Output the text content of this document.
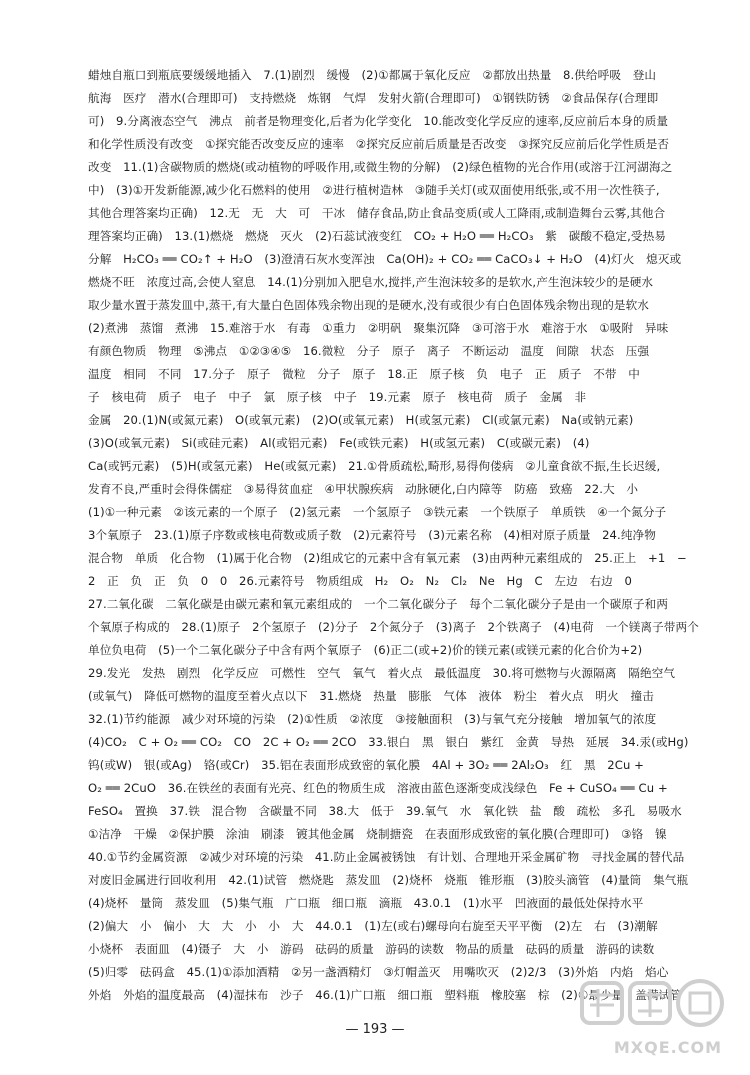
蜡烛自瓶口到瓶底要缓缓地插入　7.(1)剧烈　缓慢　(2)①都属于氧化反应　②都放出热量　8.供给呼吸　登山
航海　医疗　潜水(合理即可)　支持燃烧　炼钢　气焊　发射火箭(合理即可)　①钢铁防锈　②食品保存(合理即
可)　9.分离液态空气　沸点　前者是物理变化,后者为化学变化　10.能改变化学反应的速率,反应前后本身的质量
和化学性质没有改变　①探究能否改变反应的速率　②探究反应前后质量是否改变　③探究反应前后化学性质是否
改变　11.(1)含碳物质的燃烧(或动植物的呼吸作用,或微生物的分解)　(2)绿色植物的光合作用(或溶于江河湖海之
中)　(3)①开发新能源,减少化石燃料的使用　②进行植树造林　③随手关灯(或双面使用纸张,或不用一次性筷子,
其他合理答案均正确)　12.无　无　大　可　干冰　储存食品,防止食品变质(或人工降雨,或制造舞台云雾,其他合
理答案均正确)　13.(1)燃烧　燃烧　灭火　(2)石蕊试液变红　CO₂ + H₂O ══ H₂CO₃　紫　碳酸不稳定,受热易
分解　H₂CO₃ ══ CO₂↑ + H₂O　(3)澄清石灰水变浑浊　Ca(OH)₂ + CO₂ ══ CaCO₃↓ + H₂O　(4)灯火　熄灭或
燃烧不旺　浓度过高,会使人窒息　14.(1)分别加入肥皂水,搅拌,产生泡沫较多的是软水,产生泡沫较少的是硬水
取少量水置于蒸发皿中,蒸干,有大量白色固体残余物出现的是硬水,没有或很少有白色固体残余物出现的是软水
(2)煮沸　蒸馏　煮沸　15.难溶于水　有毒　①重力　②明矾　聚集沉降　③可溶于水　难溶于水　①吸附　异味
有颜色物质　物理　⑤沸点　①②③④⑤　16.微粒　分子　原子　离子　不断运动　温度　间隙　状态　压强
温度　相同　不同　17.分子　原子　微粒　分子　原子　18.正　原子核　负　电子　正　质子　不带　中
子　核电荷　质子　电子　中子　氯　原子核　中子　19.元素　原子　核电荷　质子　金属　非
金属　20.(1)N(或氮元素)　O(或氧元素)　(2)O(或氧元素)　H(或氢元素)　Cl(或氯元素)　Na(或钠元素)
(3)O(或氧元素)　Si(或硅元素)　Al(或铝元素)　Fe(或铁元素)　H(或氢元素)　C(或碳元素)　(4)
Ca(或钙元素)　(5)H(或氢元素)　He(或氦元素)　21.①骨质疏松,畸形,易得佝偻病　②儿童食欲不振,生长迟缓,
发育不良,严重时会得侏儒症　③易得贫血症　④甲状腺疾病　动脉硬化,白内障等　防癌　致癌　22.大　小
(1)①一种元素　②该元素的一个原子　(2)氢元素　一个氢原子　③铁元素　一个铁原子　单质铁　④一个氮分子
3个氧原子　23.(1)原子序数或核电荷数或质子数　(2)元素符号　(3)元素名称　(4)相对原子质量　24.纯净物
混合物　单质　化合物　(1)属于化合物　(2)组成它的元素中含有氧元素　(3)由两种元素组成的　25.正上　+1　−
2　正　负　正　负　0　0　26.元素符号　物质组成　H₂　O₂　N₂　Cl₂　Ne　Hg　C　左边　右边　0
27.二氧化碳　二氧化碳是由碳元素和氧元素组成的　一个二氧化碳分子　每个二氧化碳分子是由一个碳原子和两
个氧原子构成的　28.(1)原子　2个氢原子　(2)分子　2个氮分子　(3)离子　2个铁离子　(4)电荷　一个镁离子带两个
单位负电荷　(5)一个二氧化碳分子中含有两个氧原子　(6)正二(或+2)价的镁元素(或镁元素的化合价为+2)
29.发光　发热　剧烈　化学反应　可燃性　空气　氧气　着火点　最低温度　30.将可燃物与火源隔离　隔绝空气
(或氧气)　降低可燃物的温度至着火点以下　31.燃烧　热量　膨胀　气体　液体　粉尘　着火点　明火　撞击
32.(1)节约能源　减少对环境的污染　(2)①性质　②浓度　③接触面积　(3)与氧气充分接触　增加氧气的浓度
(4)CO₂　C + O₂ ══ CO₂　CO　2C + O₂ ══ 2CO　33.银白　黑　银白　紫红　金黄　导热　延展　34.汞(或Hg)
钨(或W)　银(或Ag)　铬(或Cr)　35.铝在表面形成致密的氧化膜　4Al + 3O₂ ══ 2Al₂O₃　红　黑　2Cu +
O₂ ══ 2CuO　36.在铁丝的表面有光亮、红色的物质生成　溶液由蓝色逐渐变成浅绿色　Fe + CuSO₄ ══ Cu +
FeSO₄　置换　37.铁　混合物　含碳量不同　38.大　低于　39.氧气　水　氧化铁　盐　酸　疏松　多孔　易吸水
①洁净　干燥　②保护膜　涂油　刷漆　镀其他金属　烧制搪瓷　在表面形成致密的氧化膜(合理即可)　③铬　镍
40.①节约金属资源　②减少对环境的污染　41.防止金属被锈蚀　有计划、合理地开采金属矿物　寻找金属的替代品
对废旧金属进行回收利用　42.(1)试管　燃烧匙　蒸发皿　(2)烧杯　烧瓶　锥形瓶　(3)胶头滴管　(4)量筒　集气瓶
(4)烧杯　量筒　蒸发皿　(5)集气瓶　广口瓶　细口瓶　滴瓶　43.0.1　(1)水平　凹液面的最低处保持水平
(2)偏大　小　偏小　大　大　小　小　大　44.0.1　(1)左(或右)螺母向右旋至天平平衡　(2)左　右　(3)潮解
小烧杯　表面皿　(4)镊子　大　小　游码　砝码的质量　游码的读数　物品的质量　砝码的质量　游码的读数
(5)归零　砝码盒　45.(1)①添加酒精　②另一盏酒精灯　③灯帽盖灭　用嘴吹灭　(2)2/3　(3)外焰　内焰　焰心
外焰　外焰的温度最高　(4)湿抹布　沙子　46.(1)广口瓶　细口瓶　塑料瓶　橡胶塞　棕　(2)①最少量　盖满试管
— 193 —
MXQE.COM
